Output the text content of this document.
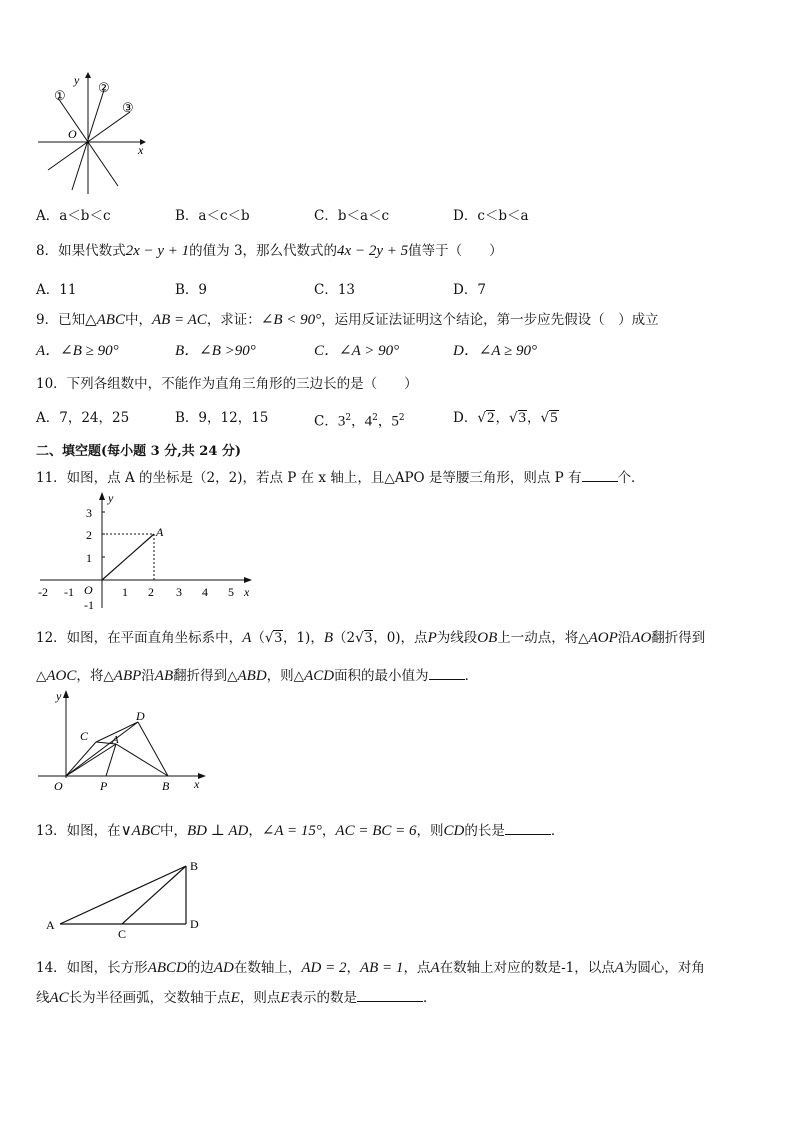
y
x
O
①
②
③
A．a＜b＜c	B．a＜c＜b	C．b＜a＜c	D．c＜b＜a
8．如果代数式2x − y + 1的值为 3，那么代数式的4x − 2y + 5值等于（　　）
A．11	B．9	C．13	D．7
9．已知△ABC中，AB = AC，求证：∠B < 90°，运用反证法证明这个结论，第一步应先假设（　）成立
A．∠B ≥ 90°	B．∠B >90°	C．∠A > 90°	D．∠A ≥ 90°
10．下列各组数中，不能作为直角三角形的三边长的是（　　）
A．7，24，25	B．9，12，15	C．$3^2$，$4^2$，$5^2$	D．√2，√3，√5
二、填空题(每小题 3 分,共 24 分)
11．如图，点 A 的坐标是（2，2)，若点 P 在 x 轴上，且△APO 是等腰三角形，则点 P 有	个．
y
x
O
A
3
2
1
-1
-2 -1	1 2 3 4 5
12．如图，在平面直角坐标系中，A（√3，1)，B（2√3，0)，点P为线段OB上一动点，将△AOP沿AO翻折得到
△AOC，将△ABP沿AB翻折得到△ABD，则△ACD面积的最小值为	．
y
x
O
C
D
A
P	B
13．如图，在∨ABC中，BD ⊥ AD，∠A = 15°，AC = BC = 6，则CD的长是	．
A
B
C
D
14．如图，长方形ABCD的边AD在数轴上，AD = 2，AB = 1，点A在数轴上对应的数是-1，以点A为圆心，对角
线AC长为半径画弧，交数轴于点E，则点E表示的数是	．
